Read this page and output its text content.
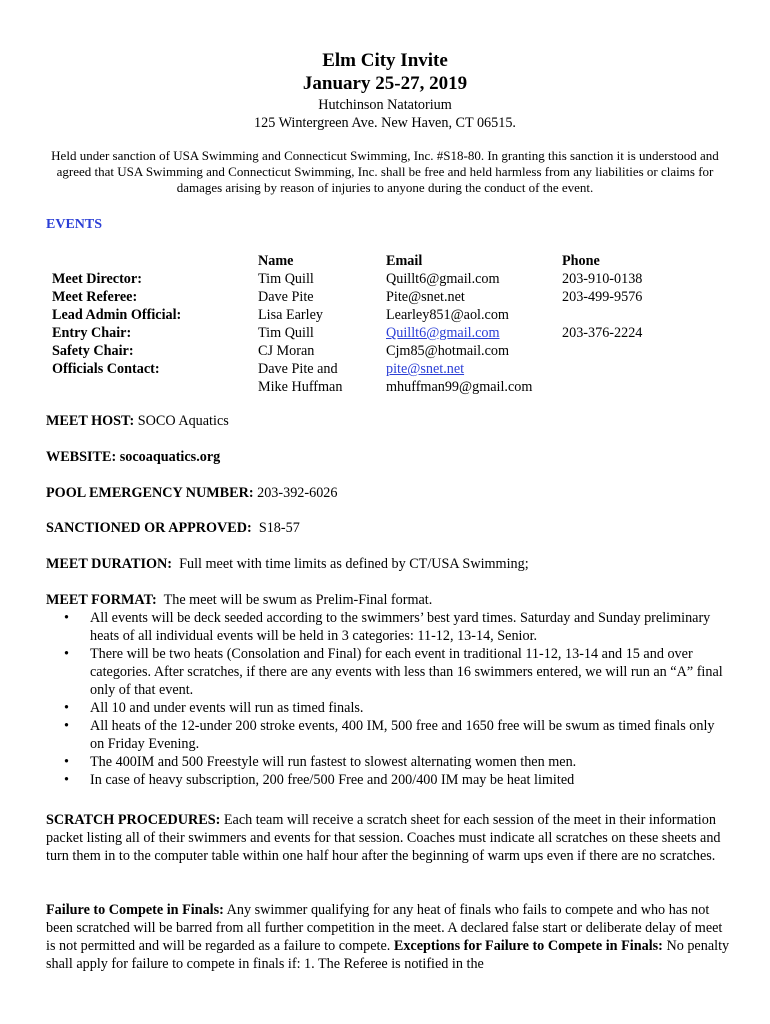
Elm City Invite
January 25-27, 2019
Hutchinson Natatorium
125 Wintergreen Ave. New Haven, CT 06515.
Held under sanction of USA Swimming and Connecticut Swimming, Inc. #S18-80. In granting this sanction it is understood and agreed that USA Swimming and Connecticut Swimming, Inc. shall be free and held harmless from any liabilities or claims for damages arising by reason of injuries to anyone during the conduct of the event.
EVENTS
	Name	Email	Phone
Meet Director:	Tim Quill	Quillt6@gmail.com	203-910-0138
Meet Referee:	Dave Pite	Pite@snet.net	203-499-9576
Lead Admin Official:	Lisa Earley	Learley851@aol.com	
Entry Chair:	Tim Quill	Quillt6@gmail.com	203-376-2224
Safety Chair:	CJ Moran	Cjm85@hotmail.com	
Officials Contact:	Dave Pite and	pite@snet.net	
	Mike Huffman	mhuffman99@gmail.com	
MEET HOST: SOCO Aquatics
WEBSITE: socoaquatics.org
POOL EMERGENCY NUMBER: 203-392-6026
SANCTIONED OR APPROVED: S18-57
MEET DURATION: Full meet with time limits as defined by CT/USA Swimming;
MEET FORMAT: The meet will be swum as Prelim-Final format.
• All events will be deck seeded according to the swimmers’ best yard times. Saturday and Sunday preliminary heats of all individual events will be held in 3 categories: 11-12, 13-14, Senior.
• There will be two heats (Consolation and Final) for each event in traditional 11-12, 13-14 and 15 and over categories. After scratches, if there are any events with less than 16 swimmers entered, we will run an “A” final only of that event.
• All 10 and under events will run as timed finals.
• All heats of the 12-under 200 stroke events, 400 IM, 500 free and 1650 free will be swum as timed finals only on Friday Evening.
• The 400IM and 500 Freestyle will run fastest to slowest alternating women then men.
• In case of heavy subscription, 200 free/500 Free and 200/400 IM may be heat limited
SCRATCH PROCEDURES: Each team will receive a scratch sheet for each session of the meet in their information packet listing all of their swimmers and events for that session. Coaches must indicate all scratches on these sheets and turn them in to the computer table within one half hour after the beginning of warm ups even if there are no scratches.
Failure to Compete in Finals: Any swimmer qualifying for any heat of finals who fails to compete and who has not been scratched will be barred from all further competition in the meet. A declared false start or deliberate delay of meet is not permitted and will be regarded as a failure to compete. Exceptions for Failure to Compete in Finals: No penalty shall apply for failure to compete in finals if: 1. The Referee is notified in the
